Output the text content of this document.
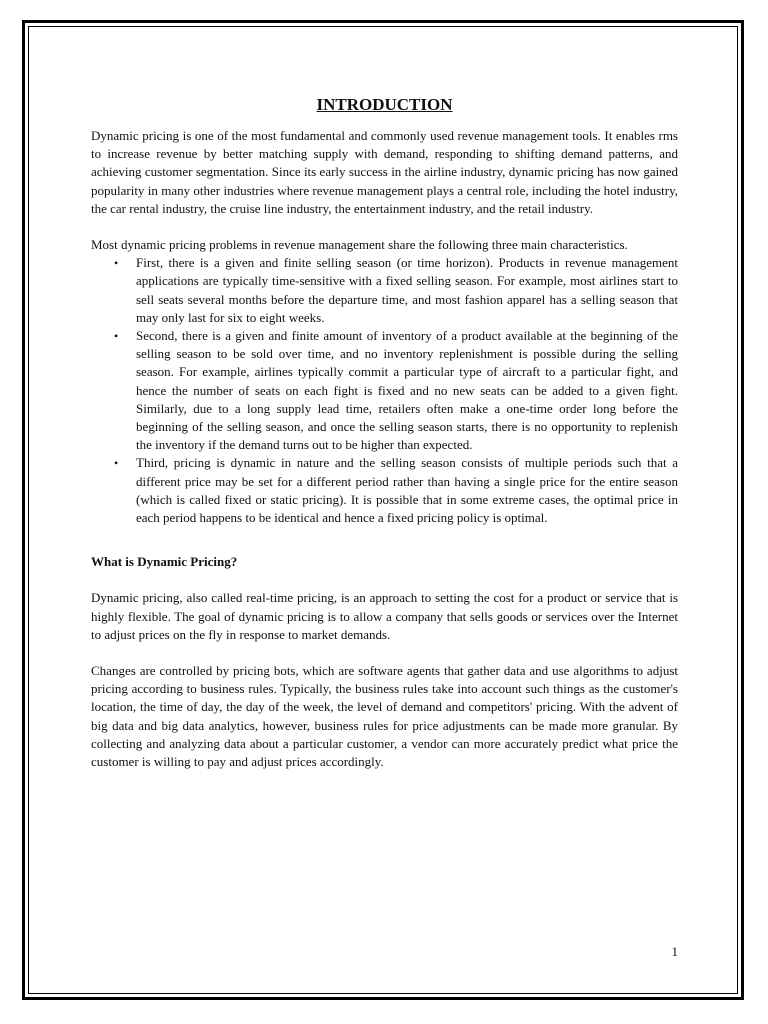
INTRODUCTION

Dynamic pricing is one of the most fundamental and commonly used revenue management tools. It enables rms to increase revenue by better matching supply with demand, responding to shifting demand patterns, and achieving customer segmentation. Since its early success in the airline industry, dynamic pricing has now gained popularity in many other industries where revenue management plays a central role, including the hotel industry, the car rental industry, the cruise line industry, the entertainment industry, and the retail industry.

Most dynamic pricing problems in revenue management share the following three main characteristics.

• First, there is a given and finite selling season (or time horizon). Products in revenue management applications are typically time-sensitive with a fixed selling season. For example, most airlines start to sell seats several months before the departure time, and most fashion apparel has a selling season that may only last for six to eight weeks.
• Second, there is a given and finite amount of inventory of a product available at the beginning of the selling season to be sold over time, and no inventory replenishment is possible during the selling season. For example, airlines typically commit a particular type of aircraft to a particular fight, and hence the number of seats on each fight is fixed and no new seats can be added to a given fight. Similarly, due to a long supply lead time, retailers often make a one-time order long before the beginning of the selling season, and once the selling season starts, there is no opportunity to replenish the inventory if the demand turns out to be higher than expected.
• Third, pricing is dynamic in nature and the selling season consists of multiple periods such that a different price may be set for a different period rather than having a single price for the entire season (which is called fixed or static pricing). It is possible that in some extreme cases, the optimal price in each period happens to be identical and hence a fixed pricing policy is optimal.
What is Dynamic Pricing?

Dynamic pricing, also called real-time pricing, is an approach to setting the cost for a product or service that is highly flexible. The goal of dynamic pricing is to allow a company that sells goods or services over the Internet to adjust prices on the fly in response to market demands.

Changes are controlled by pricing bots, which are software agents that gather data and use algorithms to adjust pricing according to business rules. Typically, the business rules take into account such things as the customer's location, the time of day, the day of the week, the level of demand and competitors' pricing. With the advent of big data and big data analytics, however, business rules for price adjustments can be made more granular. By collecting and analyzing data about a particular customer, a vendor can more accurately predict what price the customer is willing to pay and adjust prices accordingly.

1
